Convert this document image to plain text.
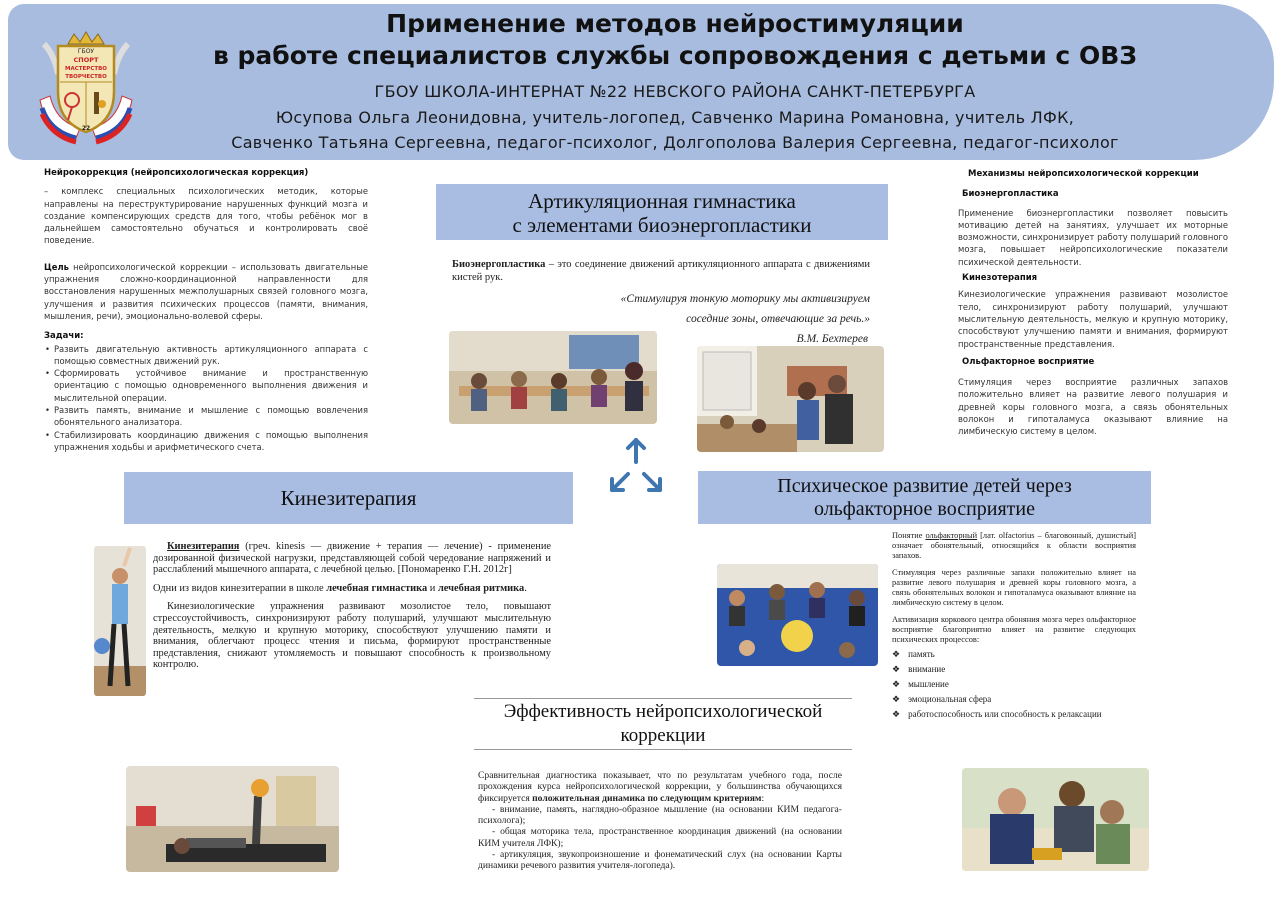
ГБОУ
СПОРТ
МАСТЕРСТВО
ТВОРЧЕСТВО
22
Применение методов нейростимуляции
в работе специалистов службы сопровождения с детьми с ОВЗ
ГБОУ ШКОЛА-ИНТЕРНАТ №22 НЕВСКОГО РАЙОНА САНКТ-ПЕТЕРБУРГА
Юсупова Ольга Леонидовна, учитель-логопед, Савченко Марина Романовна, учитель ЛФК,
Савченко Татьяна Сергеевна, педагог-психолог, Долгополова Валерия Сергеевна, педагог-психолог
Нейрокоррекция (нейропсихологическая коррекция)
– комплекс специальных психологических методик, которые направлены на переструктурирование нарушенных функций мозга и создание компенсирующих средств для того, чтобы ребёнок мог в дальнейшем самостоятельно обучаться и контролировать своё поведение.
Цель нейропсихологической коррекции – использовать двигательные упражнения сложно-координационной направленности для восстановления нарушенных межполушарных связей головного мозга, улучшения и развития психических процессов (памяти, внимания, мышления, речи), эмоционально-волевой сферы.
Задачи:
• Развить двигательную активность артикуляционного аппарата с помощью совместных движений рук.
• Сформировать устойчивое внимание и пространственную ориентацию с помощью одновременного выполнения движения и мыслительной операции.
• Развить память, внимание и мышление с помощью вовлечения обонятельного анализатора.
• Стабилизировать координацию движения с помощью выполнения упражнения ходьбы и арифметического счета.
Механизмы нейропсихологической коррекции
Биоэнергопластика
Применение биоэнергопластики позволяет повысить мотивацию детей на занятиях, улучшает их моторные возможности, синхронизирует работу полушарий головного мозга, повышает нейропсихологические показатели психической деятельности.
Кинезотерапия
Кинезиологические упражнения развивают мозолистое тело, синхронизируют работу полушарий, улучшают мыслительную деятельность, мелкую и крупную моторику, способствуют улучшению памяти и внимания, формируют пространственные представления.
Ольфакторное восприятие
Стимуляция через восприятие различных запахов положительно влияет на развитие левого полушария и древней коры головного мозга, а связь обонятельных волокон и гипоталамуса оказывают влияние на лимбическую систему в целом.
Артикуляционная гимнастика
с элементами биоэнергопластики
Биоэнергопластика – это соединение движений артикуляционного аппарата с движениями кистей рук.
«Стимулируя тонкую моторику мы активизируем
соседние зоны, отвечающие за речь.»
В.М. Бехтерев
Кинезитерапия
Кинезитерапия (греч. kinesis — движение + терапия — лечение) - применение дозированной физической нагрузки, представляющей собой чередование напряжений и расслаблений мышечного аппарата, с лечебной целью. [Пономаренко Г.Н. 2012г]
Одни из видов кинезитерапии в школе лечебная гимнастика и лечебная ритмика.
Кинезиологические упражнения развивают мозолистое тело, повышают стрессоустойчивость, синхронизируют работу полушарий, улучшают мыслительную деятельность, мелкую и крупную моторику, способствуют улучшению памяти и внимания, облегчают процесс чтения и письма, формируют пространственные представления, снижают утомляемость и повышают способность к произвольному контролю.
Психическое развитие детей через
ольфакторное восприятие
Понятие ольфакторный [лат. olfactorius – благовонный, душистый] означает обонятельный, относящийся к области восприятия запахов.
Стимуляция через различные запахи положительно влияет на развитие левого полушария и древней коры головного мозга, а связь обонятельных волокон и гипоталамуса оказывают влияние на лимбическую систему в целом.
Активизация коркового центра обоняния мозга через ольфакторное восприятие благоприятно влияет на развитие следующих психических процессов:
❖ память
❖ внимание
❖ мышление
❖ эмоциональная сфера
❖ работоспособность или способность к релаксации
Эффективность нейропсихологической
коррекции
Сравнительная диагностика показывает, что по результатам учебного года, после прохождения курса нейропсихологической коррекции, у большинства обучающихся фиксируется положительная динамика по следующим критериям:
- внимание, память, наглядно-образное мышление (на основании КИМ педагога-психолога);
- общая моторика тела, пространственное координация движений (на основании КИМ учителя ЛФК);
- артикуляция, звукопроизношение и фонематический слух (на основании Карты динамики речевого развития учителя-логопеда).
